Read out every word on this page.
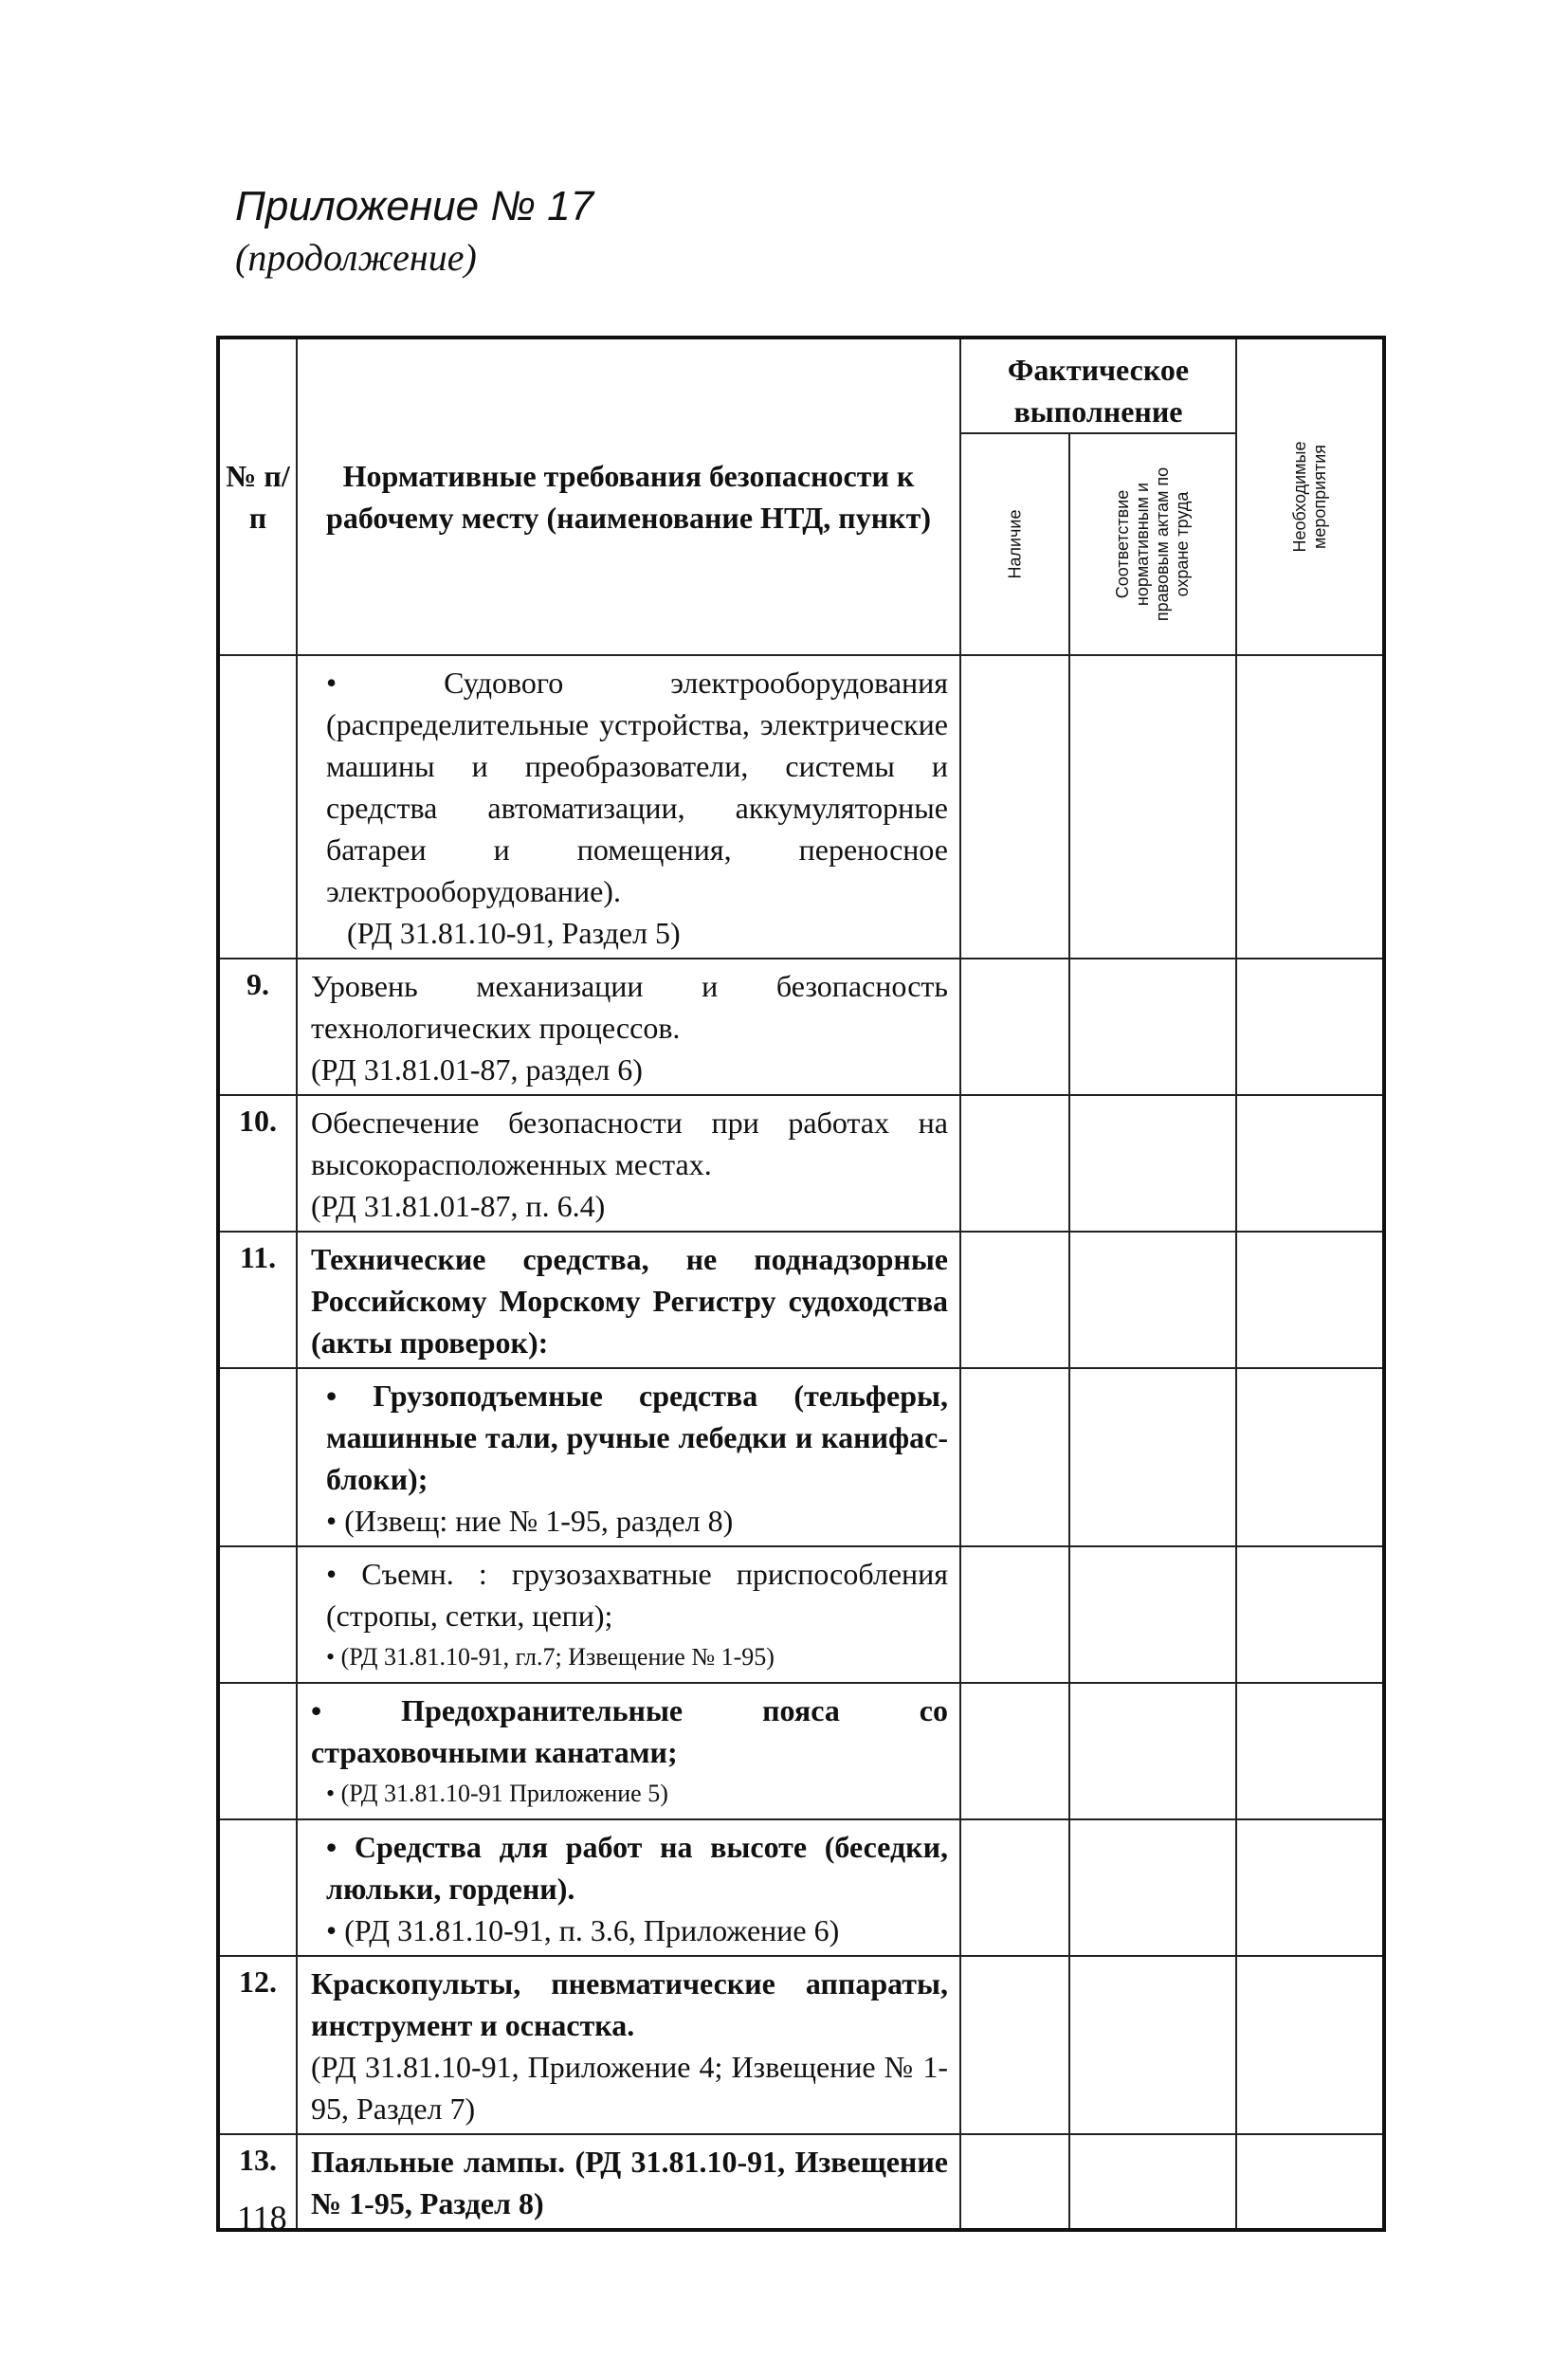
Приложение № 17
(продолжение)
№ п/п	Нормативные требования безопасности к рабочему месту (наименование НТД, пункт)	Фактическое выполнение		Необходимые мероприятия

		Наличие	Соответствие нормативным и правовым актам по охране труда	

	• Судового электрооборудования (распределительные устройства, электрические машины и преобразователи, системы и средства автоматизации, аккумуляторные батареи и помещения, переносное электрооборудование).

(РД 31.81.10-91, Раздел 5)			

9.	Уровень механизации и безопасность технологических процессов.

(РД 31.81.01-87, раздел 6)			

10.	Обеспечение безопасности при работах на высокорасположенных местах.

(РД 31.81.01-87, п. 6.4)			

11.	Технические средства, не поднадзорные Российскому Морскому Регистру судоходства (акты проверок):			

	• Грузоподъемные средства (тельферы, машинные тали, ручные лебедки и канифас-блоки);

• (Извещ: ние № 1-95, раздел 8)			

	• Съемн. : грузозахватные приспособления (стропы, сетки, цепи);

• (РД 31.81.10-91, гл.7; Извещение № 1-95)			

	• Предохранительные пояса со страховочными канатами;

• (РД 31.81.10-91 Приложение 5)			

	• Средства для работ на высоте (беседки, люльки, гордени).

• (РД 31.81.10-91, п. 3.6, Приложение 6)			

12.	Краскопульты, пневматические аппараты, инструмент и оснастка.

(РД 31.81.10-91, Приложение 4; Извещение № 1-95, Раздел 7)			

13.	Паяльные лампы. (РД 31.81.10-91, Извещение № 1-95, Раздел 8)			

118
